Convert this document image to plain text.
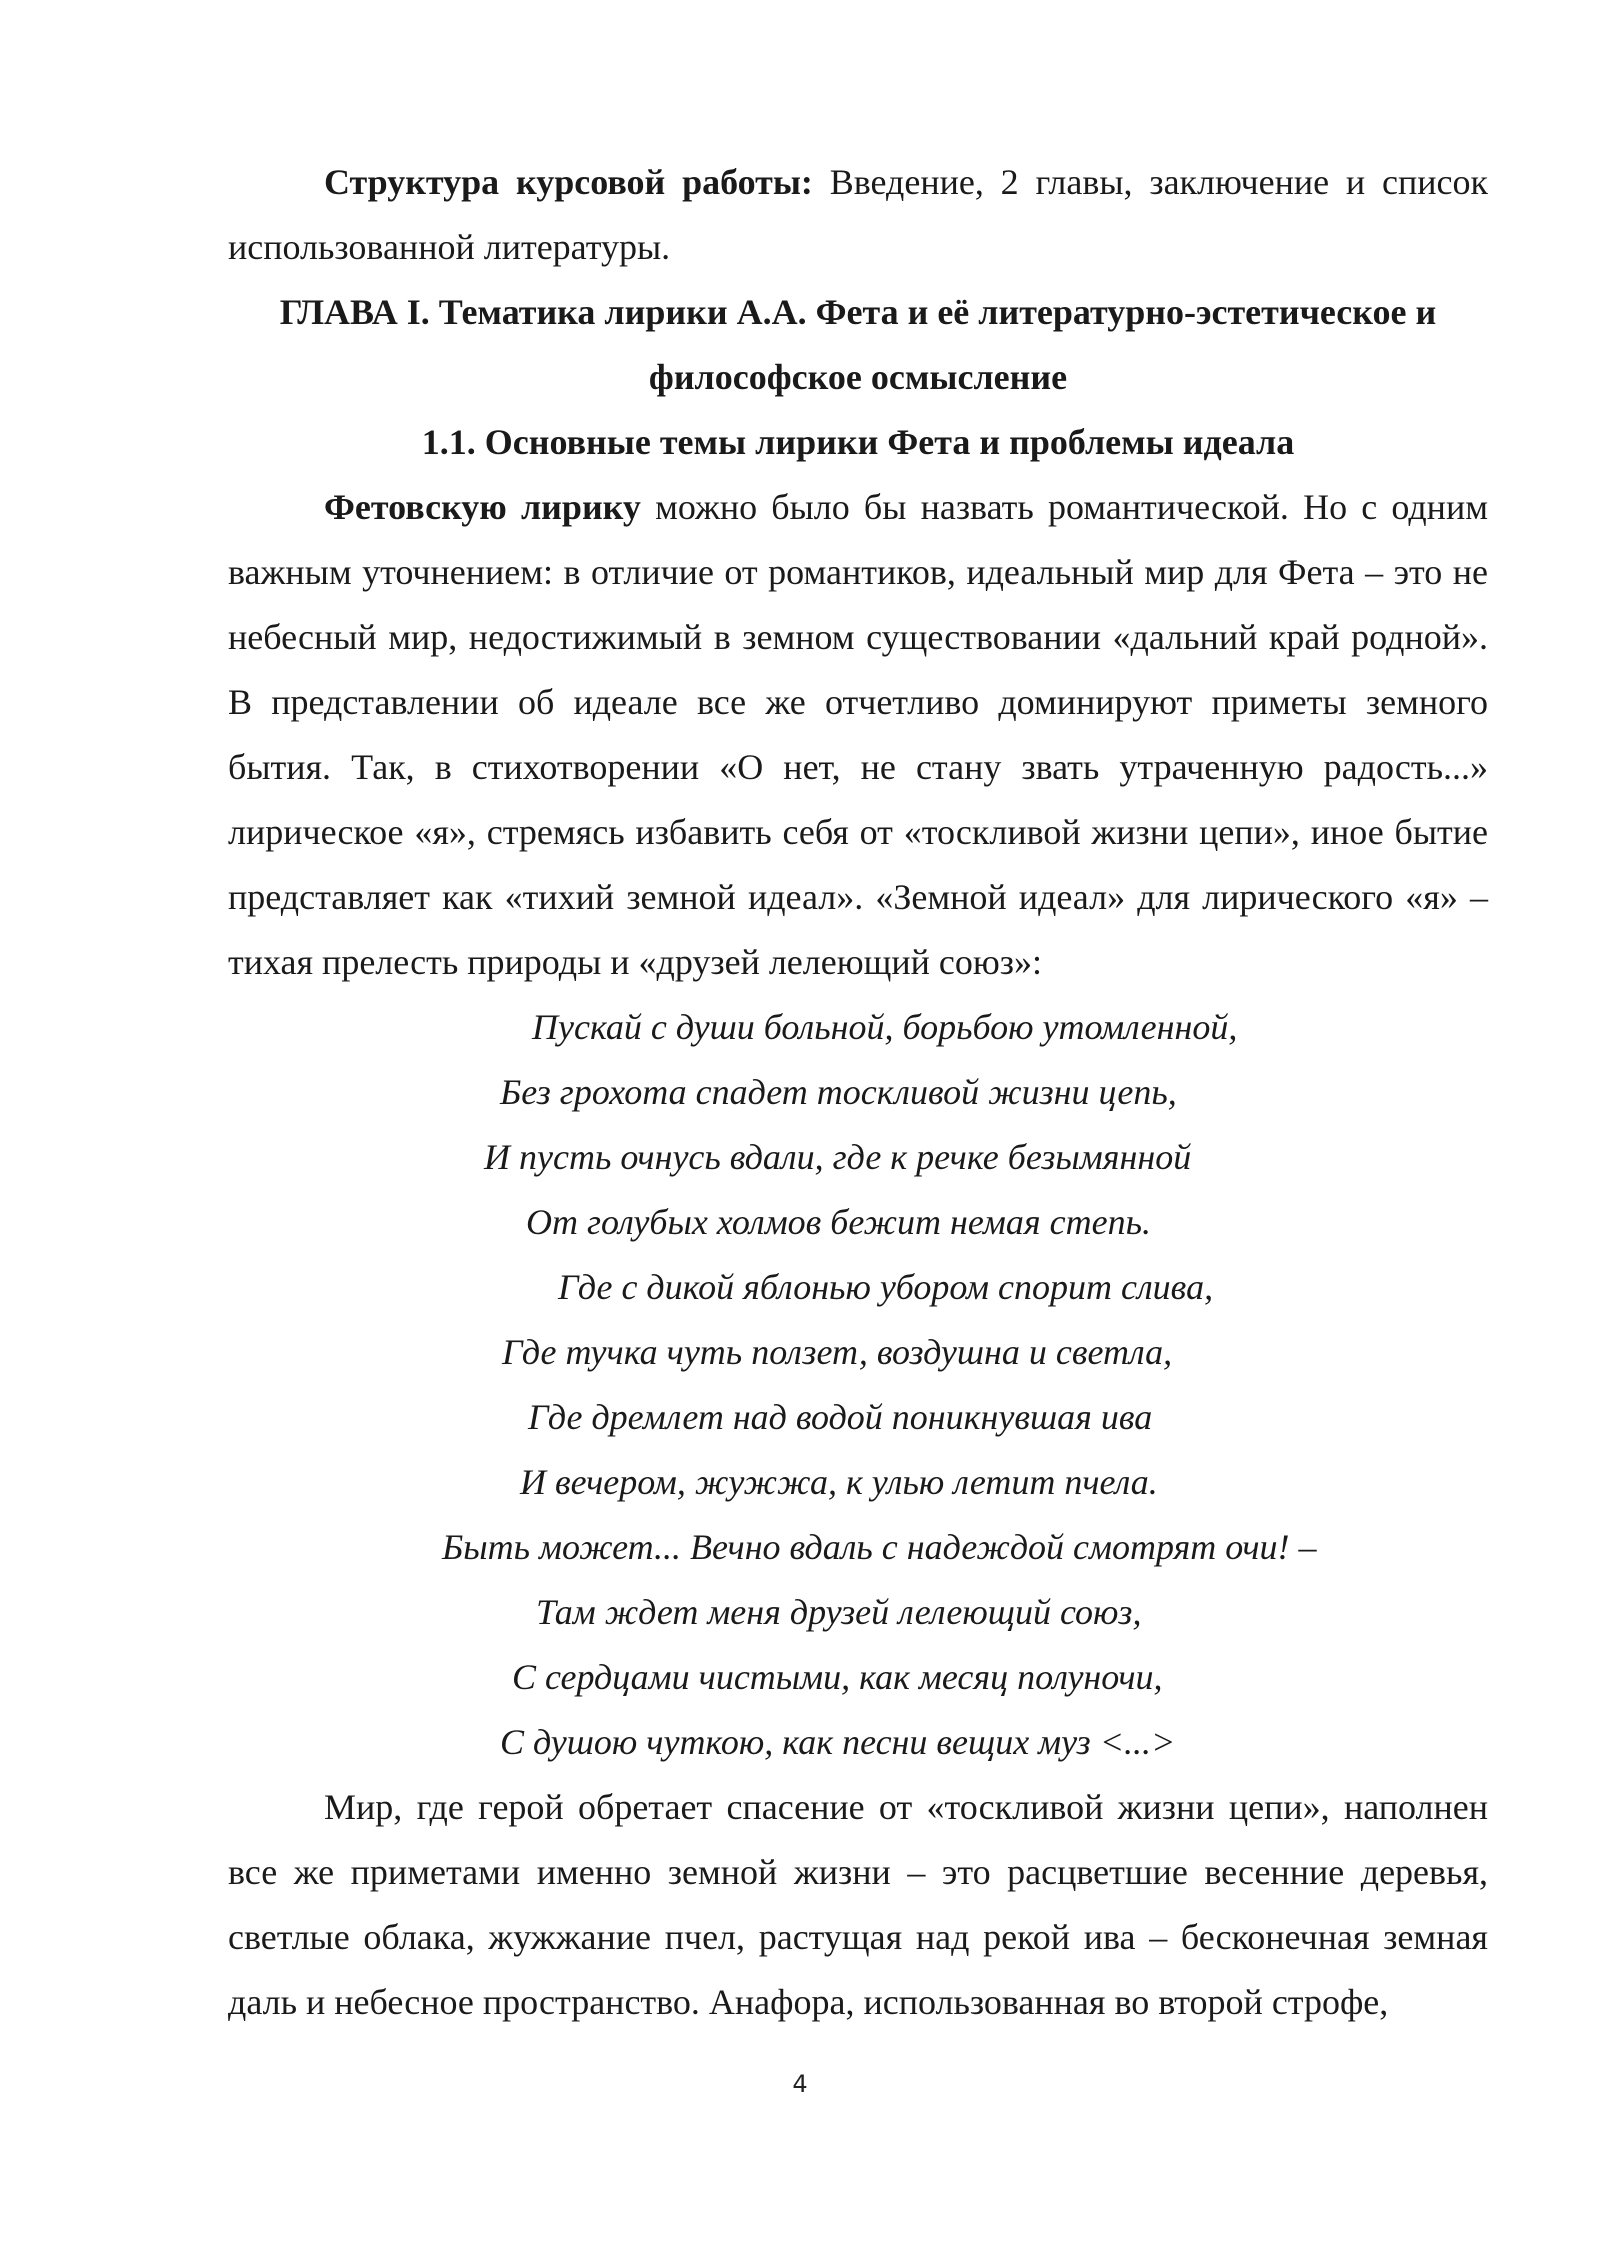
Структура курсовой работы: Введение, 2 главы, заключение и список использованной литературы.

ГЛАВА I. Тематика лирики А.А. Фета и её литературно-эстетическое и философское осмысление

1.1. Основные темы лирики Фета и проблемы идеала

Фетовскую лирику можно было бы назвать романтической. Но с одним важным уточнением: в отличие от романтиков, идеальный мир для Фета – это не небесный мир, недостижимый в земном существовании «дальний край родной». В представлении об идеале все же отчетливо доминируют приметы земного бытия. Так, в стихотворении «О нет, не стану звать утраченную радость...» лирическое «я», стремясь избавить себя от «тоскливой жизни цепи», иное бытие представляет как «тихий земной идеал». «Земной идеал» для лирического «я» – тихая прелесть природы и «друзей лелеющий союз»:

Пускай с души больной, борьбою утомленной,

Без грохота спадет тоскливой жизни цепь,

И пусть очнусь вдали, где к речке безымянной

От голубых холмов бежит немая степь.

Где с дикой яблонью убором спорит слива,

Где тучка чуть ползет, воздушна и светла,

Где дремлет над водой поникнувшая ива

И вечером, жужжа, к улью летит пчела.

Быть может... Вечно вдаль с надеждой смотрят очи! –

Там ждет меня друзей лелеющий союз,

С сердцами чистыми, как месяц полуночи,

С душою чуткою, как песни вещих муз <...>

Мир, где герой обретает спасение от «тоскливой жизни цепи», наполнен все же приметами именно земной жизни – это расцветшие весенние деревья, светлые облака, жужжание пчел, растущая над рекой ива – бесконечная земная даль и небесное пространство. Анафора, использованная во второй строфе,

4
